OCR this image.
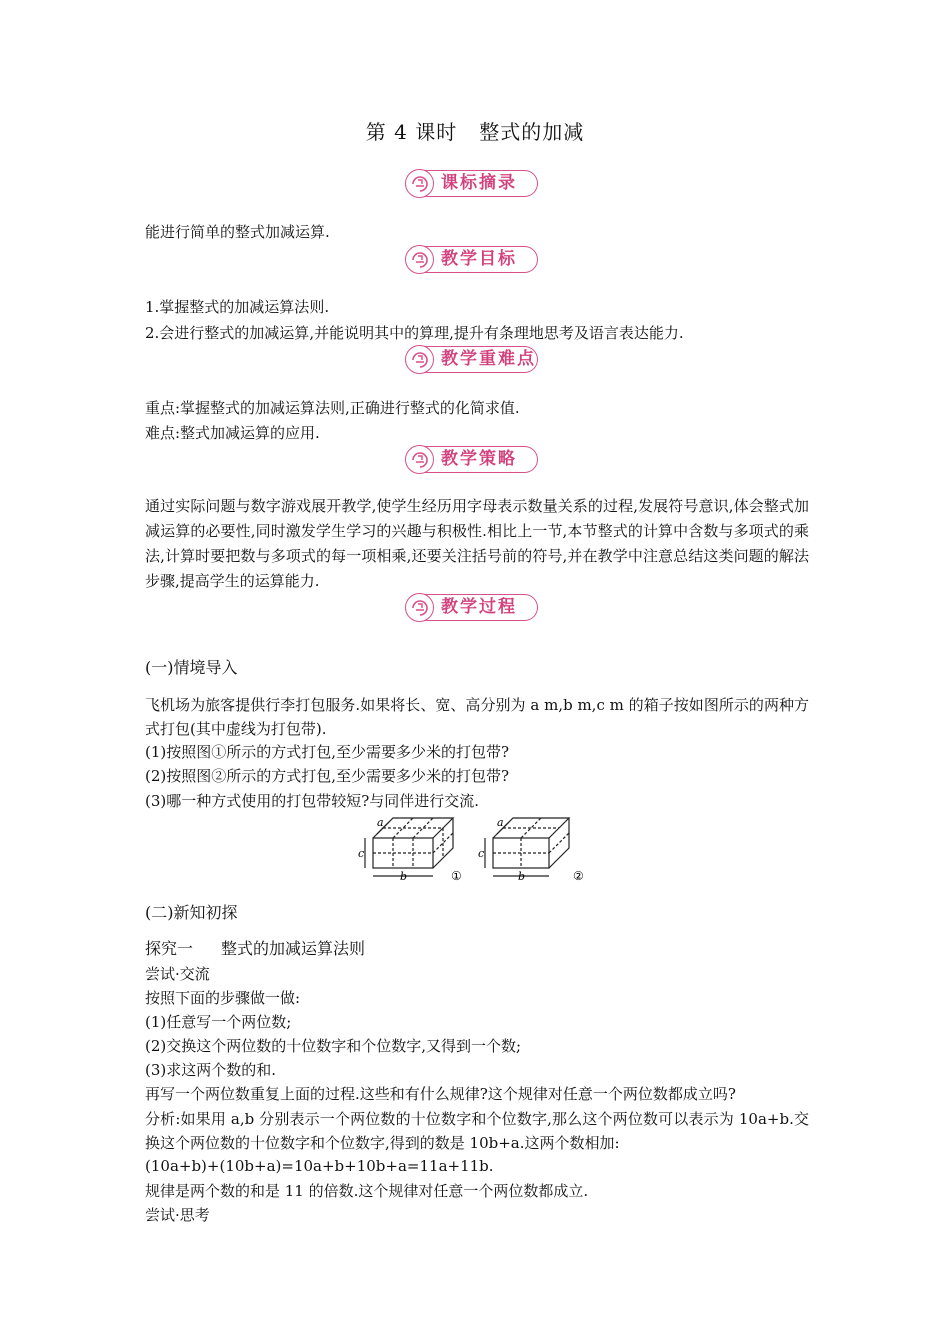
第 4 课时 整式的加减
课标摘录
能进行简单的整式加减运算.
教学目标
1.掌握整式的加减运算法则.
2.会进行整式的加减运算,并能说明其中的算理,提升有条理地思考及语言表达能力.
教学重难点
重点:掌握整式的加减运算法则,正确进行整式的化简求值.
难点:整式加减运算的应用.
教学策略
通过实际问题与数字游戏展开教学,使学生经历用字母表示数量关系的过程,发展符号意识,体会整式加减运算的必要性,同时激发学生学习的兴趣与积极性.相比上一节,本节整式的计算中含数与多项式的乘法,计算时要把数与多项式的每一项相乘,还要关注括号前的符号,并在教学中注意总结这类问题的解法步骤,提高学生的运算能力.
教学过程
(一)情境导入
飞机场为旅客提供行李打包服务.如果将长、宽、高分别为 a m,b m,c m 的箱子按如图所示的两种方式打包(其中虚线为打包带).
(1)按照图①所示的方式打包,至少需要多少米的打包带?
(2)按照图②所示的方式打包,至少需要多少米的打包带?
(3)哪一种方式使用的打包带较短?与同伴进行交流.
a
c
b	①
a
c
b	②
(二)新知初探
探究一 整式的加减运算法则
尝试·交流
按照下面的步骤做一做:
(1)任意写一个两位数;
(2)交换这个两位数的十位数字和个位数字,又得到一个数;
(3)求这两个数的和.
再写一个两位数重复上面的过程.这些和有什么规律?这个规律对任意一个两位数都成立吗?
分析:如果用 a,b 分别表示一个两位数的十位数字和个位数字,那么这个两位数可以表示为 10a+b.交换这个两位数的十位数字和个位数字,得到的数是 10b+a.这两个数相加:
(10a+b)+(10b+a)=10a+b+10b+a=11a+11b.
规律是两个数的和是 11 的倍数.这个规律对任意一个两位数都成立.
尝试·思考
